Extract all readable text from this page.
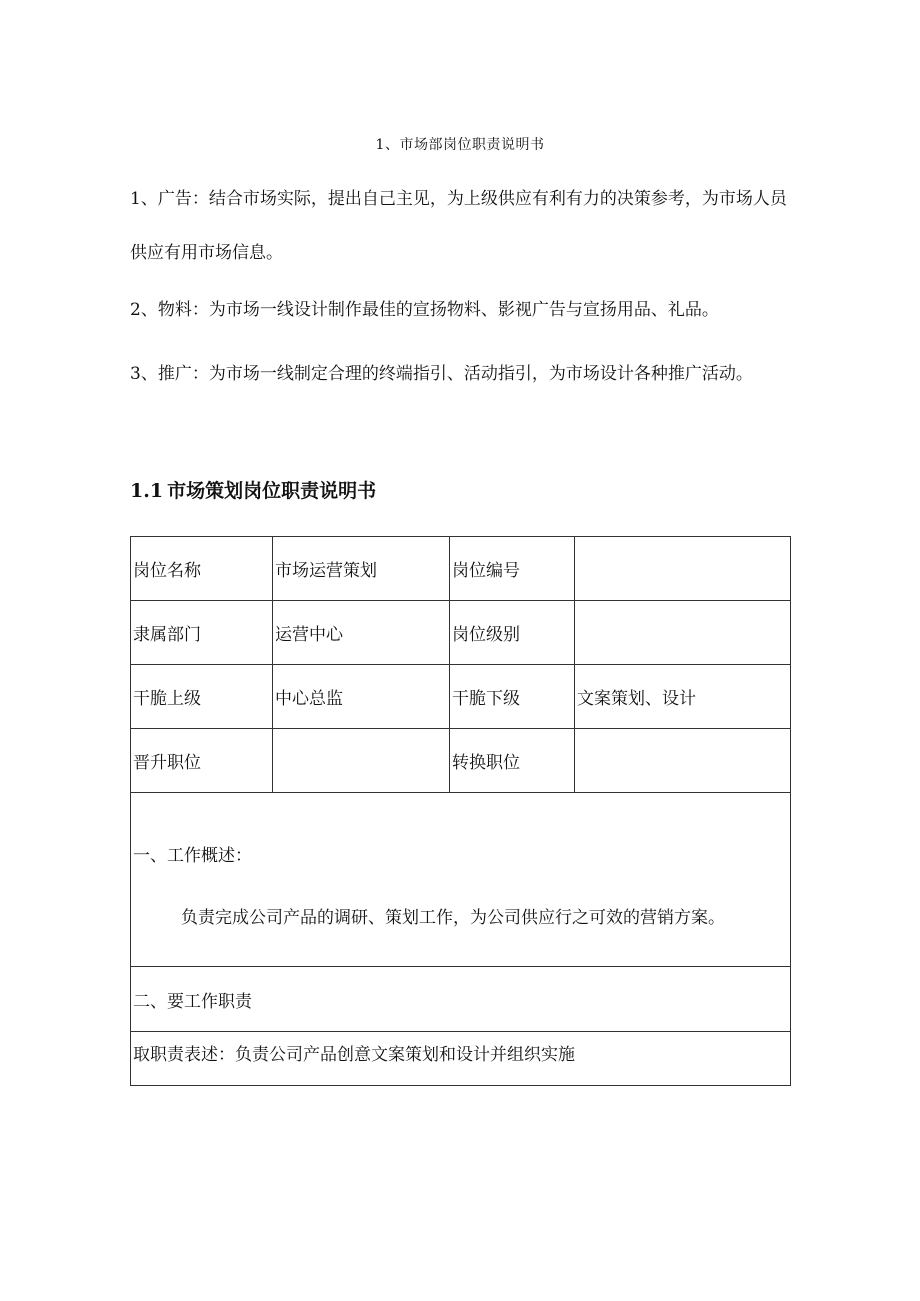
1、市场部岗位职责说明书

1、广告：结合市场实际，提出自己主见，为上级供应有利有力的决策参考，为市场人员供应有用市场信息。

2、物料：为市场一线设计制作最佳的宣扬物料、影视广告与宣扬用品、礼品。

3、推广：为市场一线制定合理的终端指引、活动指引，为市场设计各种推广活动。

1.1 市场策划岗位职责说明书
岗位名称	市场运营策划	岗位编号	
隶属部门	运营中心	岗位级别	
干脆上级	中心总监	干脆下级	文案策划、设计
晋升职位		转换职位	

一、工作概述：
负责完成公司产品的调研、策划工作，为公司供应行之可效的营销方案。			

二、要工作职责			
取职责表述：负责公司产品创意文案策划和设计并组织实施			
